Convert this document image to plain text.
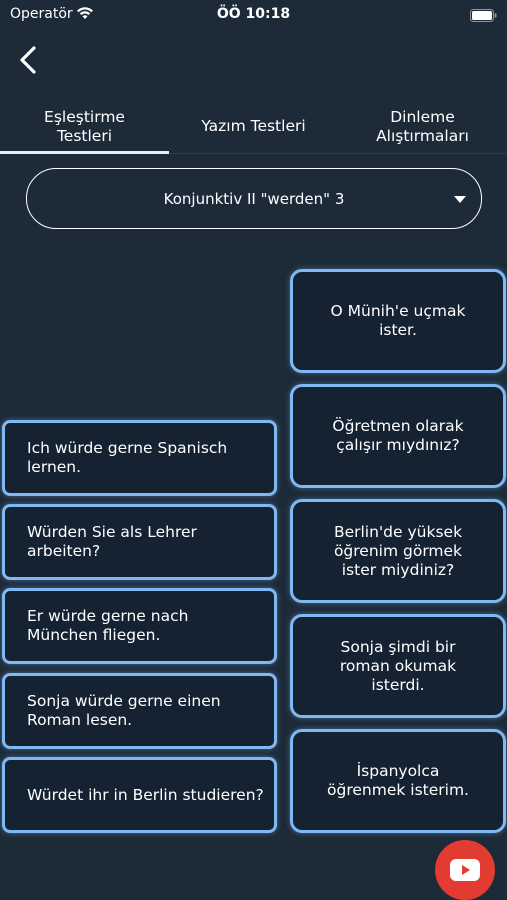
Operatör	ÖÖ 10:18
Eşleştirme
Testleri
Yazım Testleri
Dinleme
Alıştırmaları
Konjunktiv II "werden" 3
O Münih'e uçmak ister.
Öğretmen olarak çalışır mıydınız?
Berlin'de yüksek öğrenim görmek ister miydiniz?
Sonja şimdi bir roman okumak isterdi.
İspanyolca öğrenmek isterim.
Ich würde gerne Spanisch lernen.
Würden Sie als Lehrer arbeiten?
Er würde gerne nach München fliegen.
Sonja würde gerne einen Roman lesen.
Würdet ihr in Berlin studieren?
